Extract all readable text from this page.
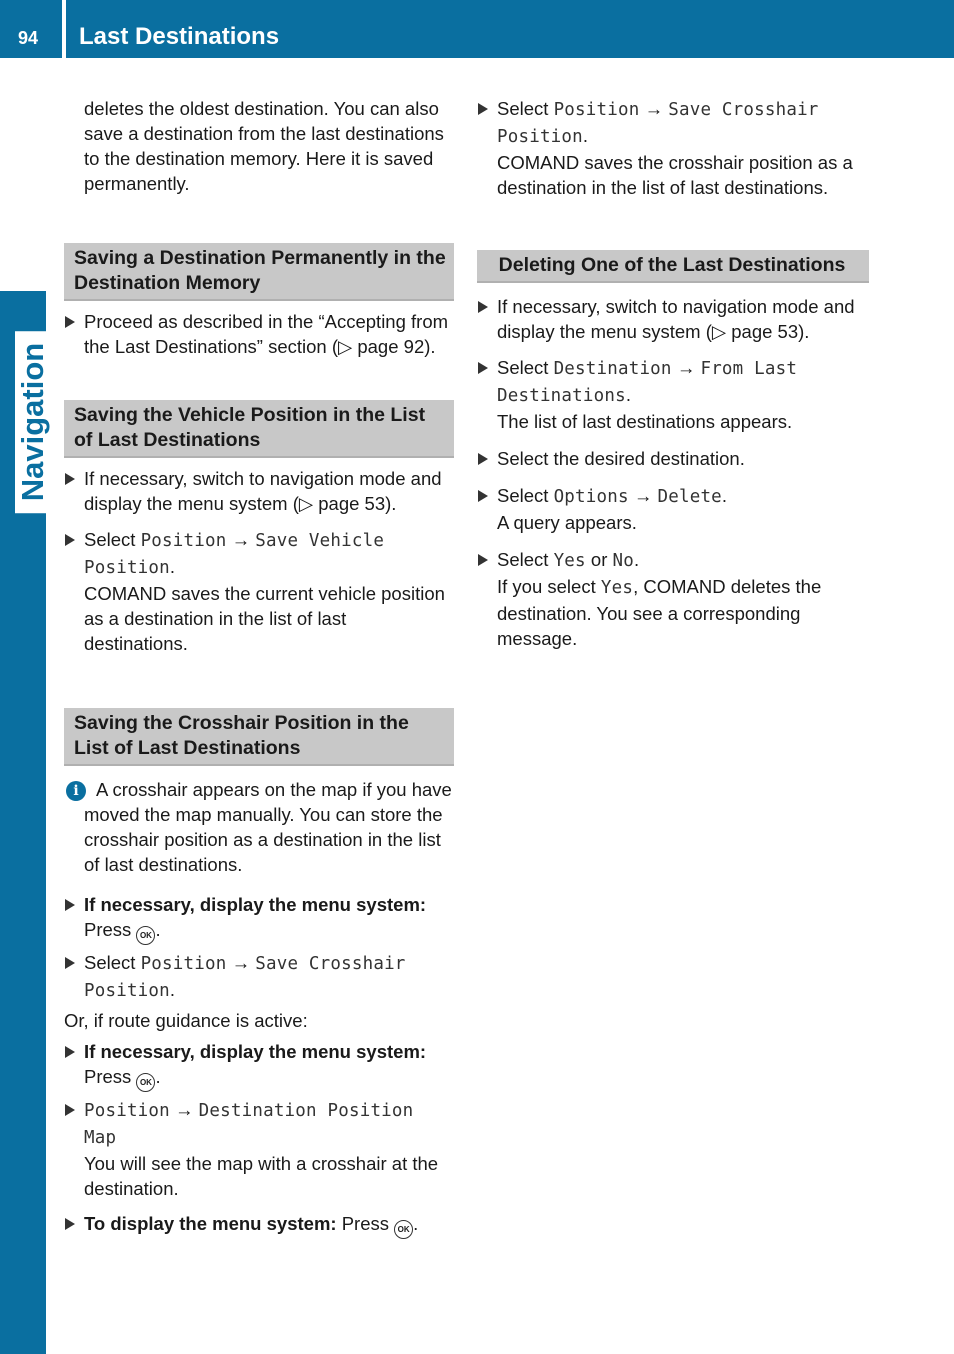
94 Last Destinations
Navigation
deletes the oldest destination. You can also save a destination from the last destinations to the destination memory. Here it is saved permanently.
Saving a Destination Permanently in the Destination Memory
Proceed as described in the “Accepting from the Last Destinations” section (▷ page 92).
Saving the Vehicle Position in the List of Last Destinations
If necessary, switch to navigation mode and display the menu system (▷ page 53).
Select Position → Save Vehicle Position.
COMAND saves the current vehicle position as a destination in the list of last destinations.
Saving the Crosshair Position in the List of Last Destinations
i A crosshair appears on the map if you have moved the map manually. You can store the crosshair position as a destination in the list of last destinations.
If necessary, display the menu system:
Press OK .
Select Position → Save Crosshair Position.
Or, if route guidance is active:
If necessary, display the menu system:
Press OK .
Position → Destination Position Map
You will see the map with a crosshair at the destination.
To display the menu system: Press OK .
Select Position → Save Crosshair Position.
COMAND saves the crosshair position as a destination in the list of last destinations.
Deleting One of the Last Destinations
If necessary, switch to navigation mode and display the menu system (▷ page 53).
Select Destination → From Last Destinations.
The list of last destinations appears.
Select the desired destination.
Select Options → Delete.
A query appears.
Select Yes or No.
If you select Yes, COMAND deletes the destination. You see a corresponding message.
